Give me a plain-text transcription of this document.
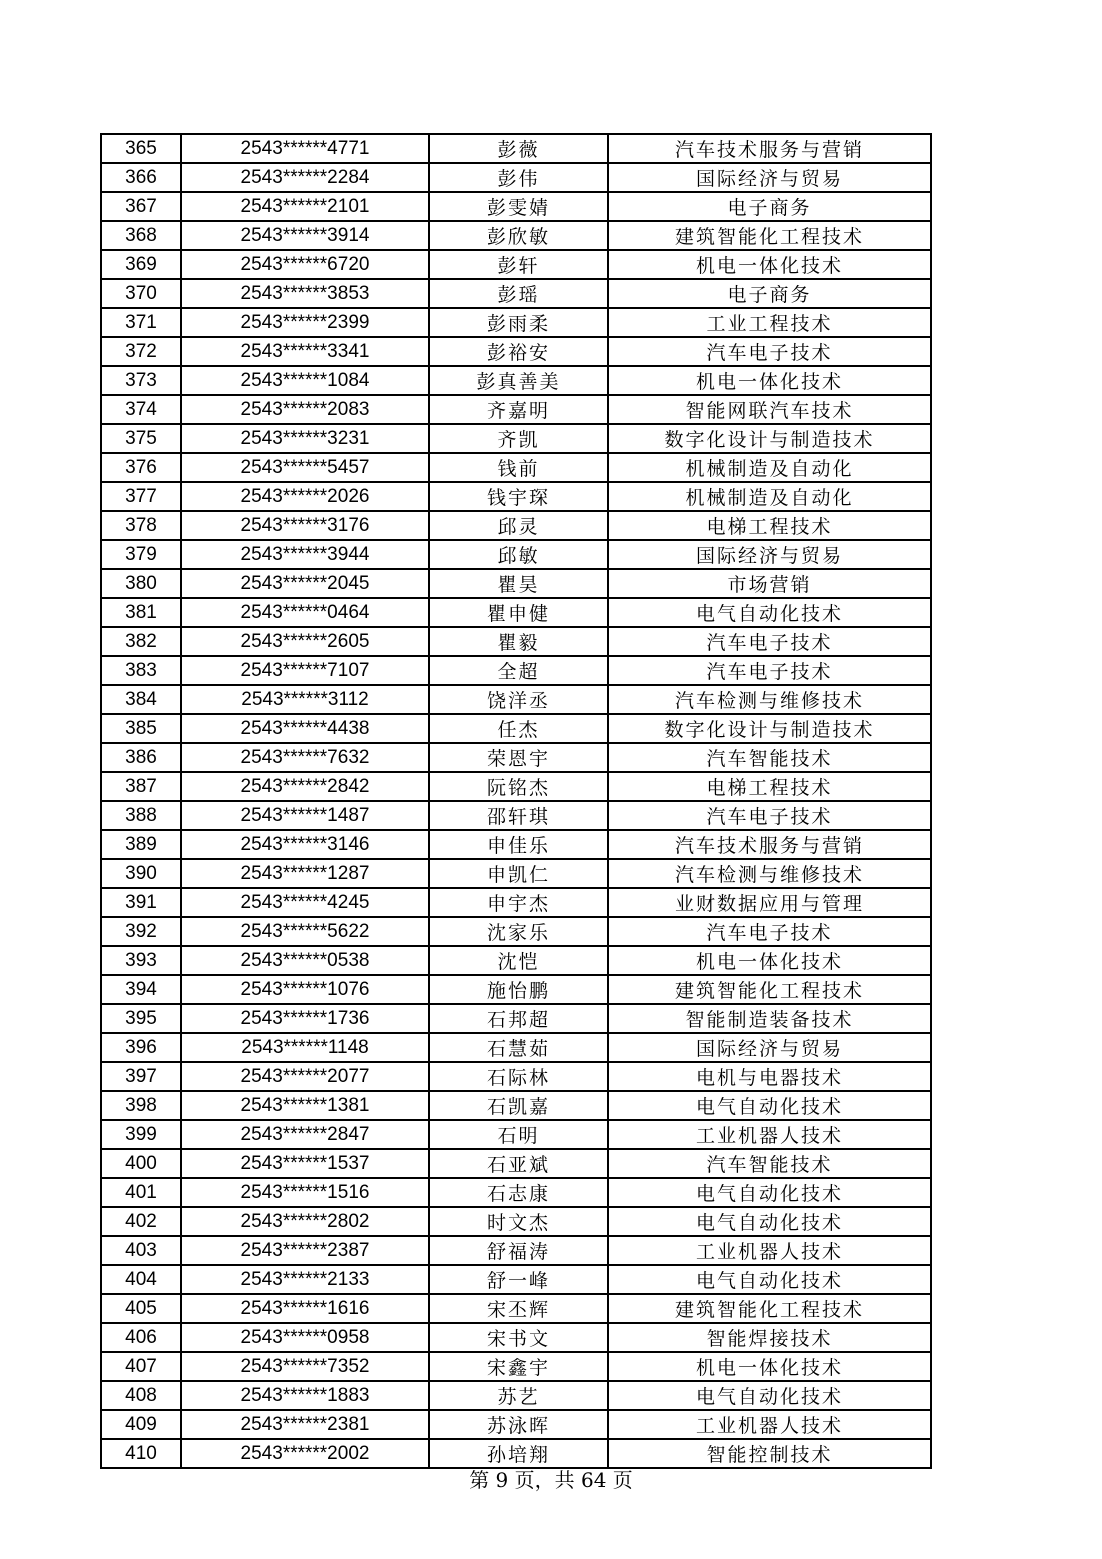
365	2543******4771	彭薇	汽车技术服务与营销
366	2543******2284	彭伟	国际经济与贸易
367	2543******2101	彭雯婧	电子商务
368	2543******3914	彭欣敏	建筑智能化工程技术
369	2543******6720	彭轩	机电一体化技术
370	2543******3853	彭瑶	电子商务
371	2543******2399	彭雨柔	工业工程技术
372	2543******3341	彭裕安	汽车电子技术
373	2543******1084	彭真善美	机电一体化技术
374	2543******2083	齐嘉明	智能网联汽车技术
375	2543******3231	齐凯	数字化设计与制造技术
376	2543******5457	钱前	机械制造及自动化
377	2543******2026	钱宇琛	机械制造及自动化
378	2543******3176	邱灵	电梯工程技术
379	2543******3944	邱敏	国际经济与贸易
380	2543******2045	瞿昊	市场营销
381	2543******0464	瞿申健	电气自动化技术
382	2543******2605	瞿毅	汽车电子技术
383	2543******7107	全超	汽车电子技术
384	2543******3112	饶洋丞	汽车检测与维修技术
385	2543******4438	任杰	数字化设计与制造技术
386	2543******7632	荣恩宇	汽车智能技术
387	2543******2842	阮铭杰	电梯工程技术
388	2543******1487	邵轩琪	汽车电子技术
389	2543******3146	申佳乐	汽车技术服务与营销
390	2543******1287	申凯仁	汽车检测与维修技术
391	2543******4245	申宇杰	业财数据应用与管理
392	2543******5622	沈家乐	汽车电子技术
393	2543******0538	沈恺	机电一体化技术
394	2543******1076	施怡鹏	建筑智能化工程技术
395	2543******1736	石邦超	智能制造装备技术
396	2543******1148	石慧茹	国际经济与贸易
397	2543******2077	石际林	电机与电器技术
398	2543******1381	石凯嘉	电气自动化技术
399	2543******2847	石明	工业机器人技术
400	2543******1537	石亚斌	汽车智能技术
401	2543******1516	石志康	电气自动化技术
402	2543******2802	时文杰	电气自动化技术
403	2543******2387	舒福涛	工业机器人技术
404	2543******2133	舒一峰	电气自动化技术
405	2543******1616	宋丕辉	建筑智能化工程技术
406	2543******0958	宋书文	智能焊接技术
407	2543******7352	宋鑫宇	机电一体化技术
408	2543******1883	苏艺	电气自动化技术
409	2543******2381	苏泳晖	工业机器人技术
410	2543******2002	孙培翔	智能控制技术
第 9 页，共 64 页
